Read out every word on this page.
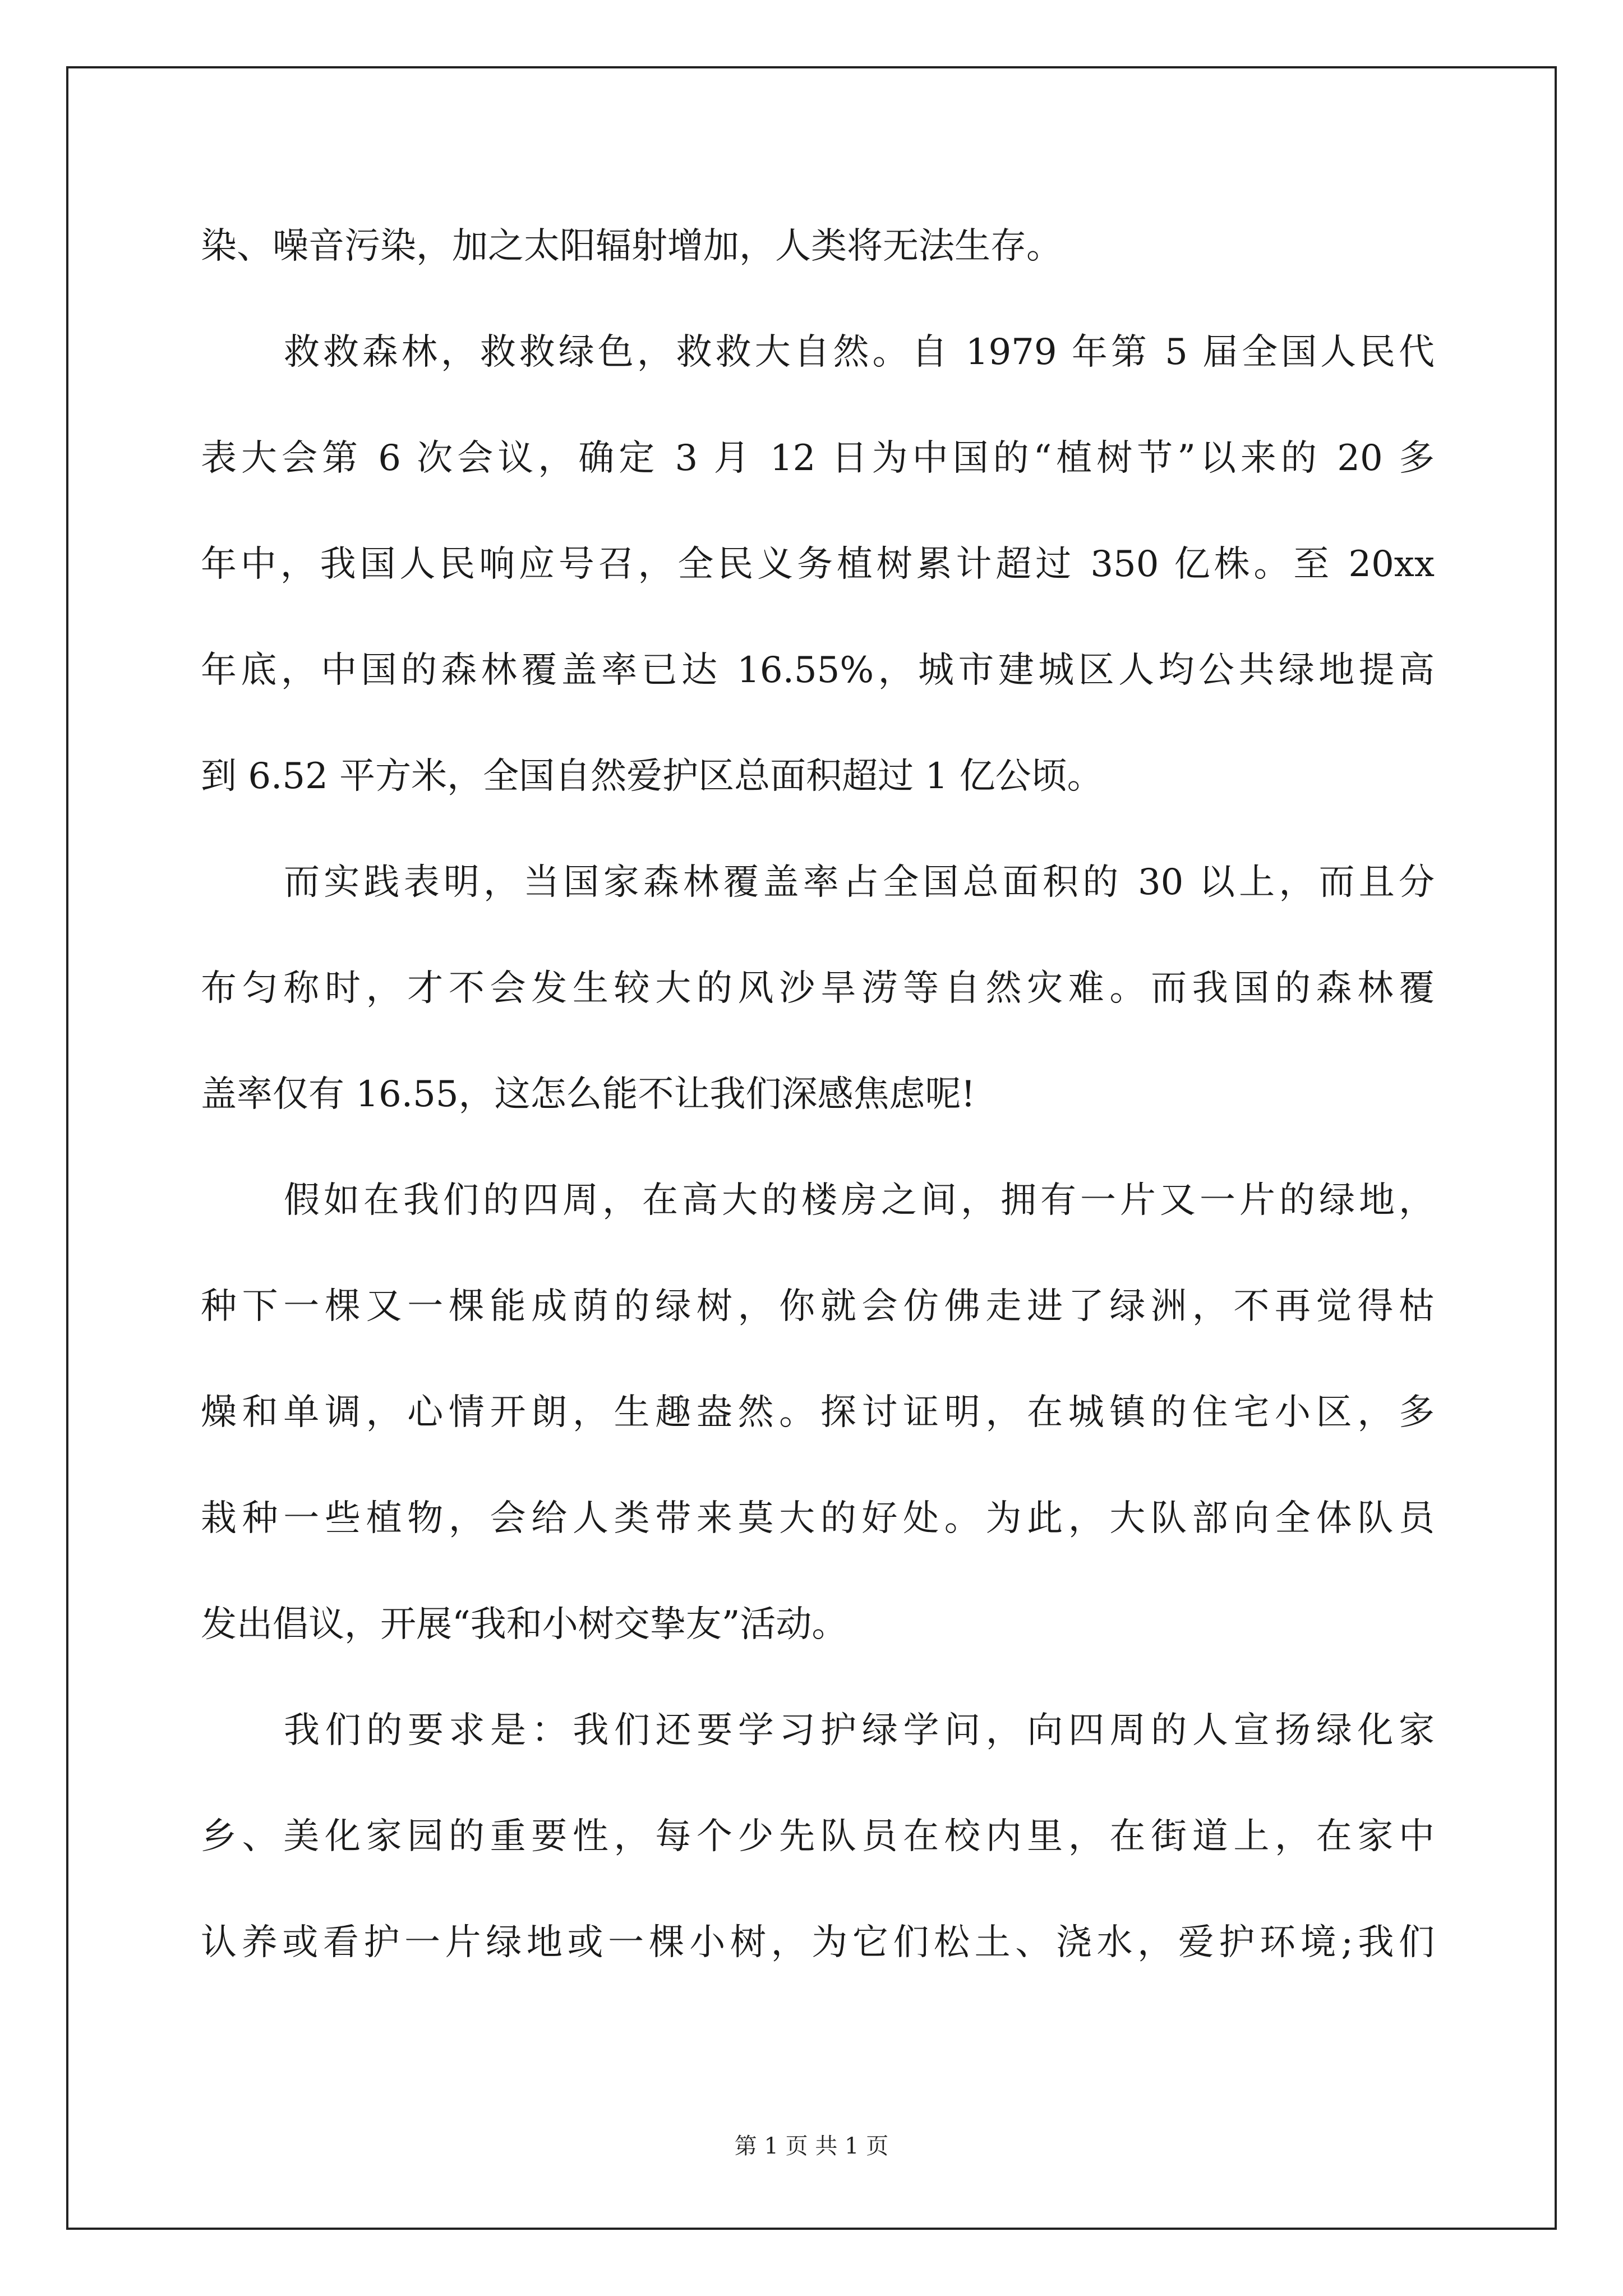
染、噪音污染，加之太阳辐射增加，人类将无法生存。
救救森林，救救绿色，救救大自然。自 1979 年第 5 届全国人民代
表大会第 6 次会议，确定 3 月 12 日为中国的“植树节”以来的 20 多
年中，我国人民响应号召，全民义务植树累计超过 350 亿株。至 20xx
年底，中国的森林覆盖率已达 16.55%，城市建城区人均公共绿地提高
到 6.52 平方米，全国自然爱护区总面积超过 1 亿公顷。
而实践表明，当国家森林覆盖率占全国总面积的 30 以上，而且分
布匀称时，才不会发生较大的风沙旱涝等自然灾难。而我国的森林覆
盖率仅有 16.55，这怎么能不让我们深感焦虑呢!
假如在我们的四周，在高大的楼房之间，拥有一片又一片的绿地，
种下一棵又一棵能成荫的绿树，你就会仿佛走进了绿洲，不再觉得枯
燥和单调，心情开朗，生趣盎然。探讨证明，在城镇的住宅小区，多
栽种一些植物，会给人类带来莫大的好处。为此，大队部向全体队员
发出倡议，开展“我和小树交挚友”活动。
我们的要求是：我们还要学习护绿学问，向四周的人宣扬绿化家
乡、美化家园的重要性，每个少先队员在校内里，在街道上，在家中
认养或看护一片绿地或一棵小树，为它们松土、浇水，爱护环境;我们
第 1 页 共 1 页
